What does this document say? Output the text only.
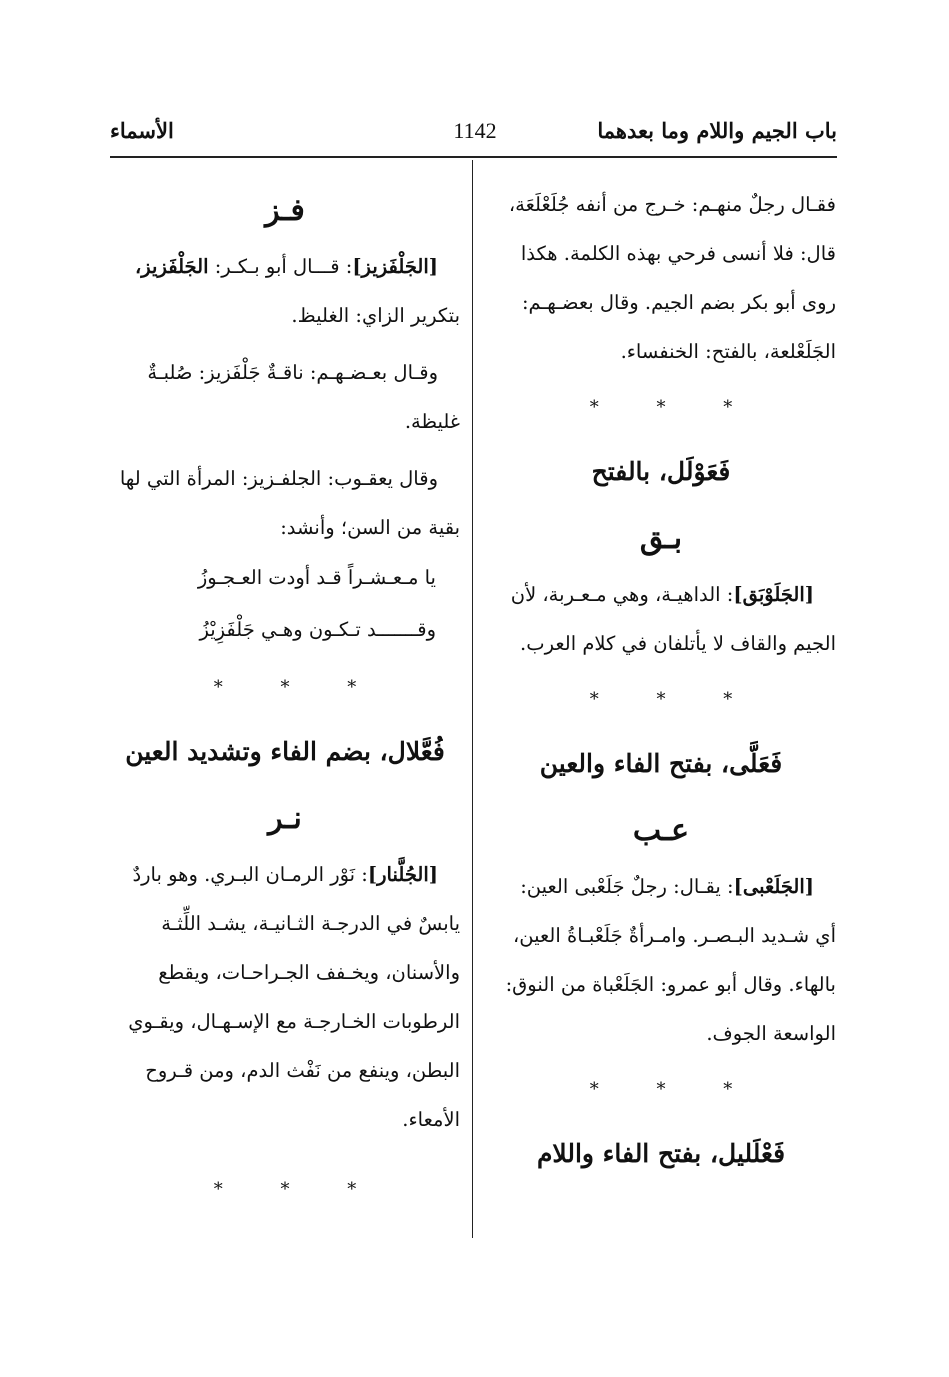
باب الجيم واللام وما بعدهما
1142
الأسماء

فقـال رجلٌ منهـم: خـرج من أنفه جُلَعْلَعَة،
قال: فلا أنسى فرحي بهذه الكلمة. هكذا
روى أبو بكر بضم الجيم. وقال بعضـهـم:
الجَلَعْلعة، بالفتح: الخنفساء.

* * *
فَعَوْلَل، بالفتح
بـق

[الجَلَوْبَق]: الداهيـة، وهي مـعـربة، لأن
الجيم والقاف لا يأتلفان في كلام العرب.

* * *
فَعَلَّى، بفتح الفاء والعين
عـب

[الجَلَعْبى]: يقـال: رجلٌ جَلَعْبى العين:
أي شـديد البـصـر. وامـرأةٌ جَلَعْبـاةُ العين،
بالهاء. وقال أبو عمرو: الجَلَعْباة من النوق:
الواسعة الجوف.

* * *
فَعْلَليل، بفتح الفاء واللام
فـز

[الجَلْفَزيز]: قـــال أبو بـكـر: الجَلْفَزيز،
بتكرير الزاي: الغليظ.

وقـال بعـضـهـم: ناقـةٌ جَلْفَزيز: صُلبـةٌ
غليظة.

وقال يعقـوب: الجلفـزيز: المرأة التي لها
بقية من السن؛ وأنشد:

يا مـعـشـراً قـد أودت العـجـوزُ
وقـــــــد تـكـون وهـي جَلْفَزِيْزُ
* * *
فُعَّلال، بضم الفاء وتشديد العين
نـر

[الجُلَّنار]: نَوْر الرمـان البـري. وهو باردٌ
يابسٌ في الدرجـة الثـانيـة، يشـد اللِّثـة
والأسنان، ويخـفف الجـراحـات، ويقطع
الرطوبات الخـارجـة مع الإسـهـال، ويقـوي
البطن، وينفع من نَفْث الدم، ومن قـروح
الأمعاء.

* * *
